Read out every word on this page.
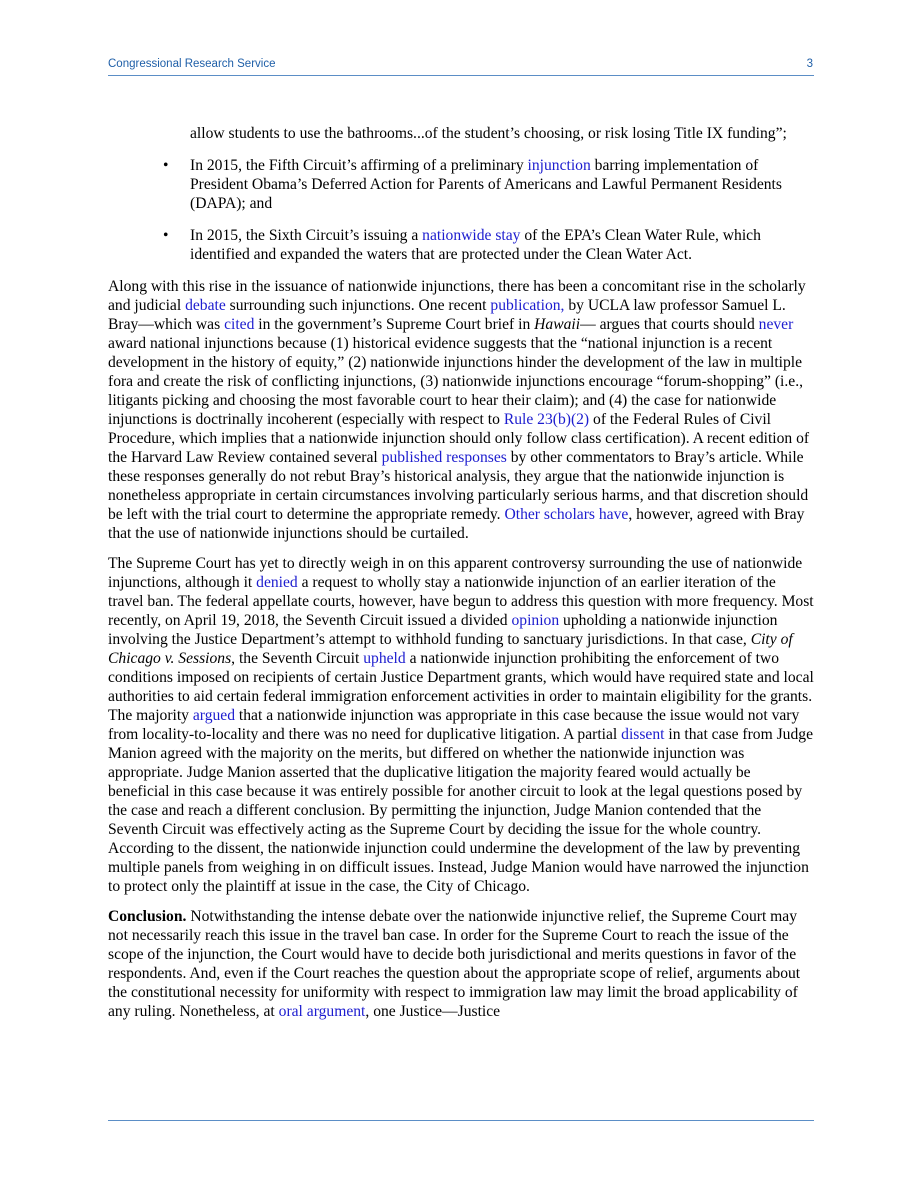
Congressional Research Service	3
allow students to use the bathrooms...of the student’s choosing, or risk losing Title IX funding”;
• In 2015, the Fifth Circuit’s affirming of a preliminary injunction barring implementation of President Obama’s Deferred Action for Parents of Americans and Lawful Permanent Residents (DAPA); and
• In 2015, the Sixth Circuit’s issuing a nationwide stay of the EPA’s Clean Water Rule, which identified and expanded the waters that are protected under the Clean Water Act.

Along with this rise in the issuance of nationwide injunctions, there has been a concomitant rise in the scholarly and judicial debate surrounding such injunctions. One recent publication, by UCLA law professor Samuel L. Bray—which was cited in the government’s Supreme Court brief in Hawaii— argues that courts should never award national injunctions because (1) historical evidence suggests that the “national injunction is a recent development in the history of equity,” (2) nationwide injunctions hinder the development of the law in multiple fora and create the risk of conflicting injunctions, (3) nationwide injunctions encourage “forum-shopping” (i.e., litigants picking and choosing the most favorable court to hear their claim); and (4) the case for nationwide injunctions is doctrinally incoherent (especially with respect to Rule 23(b)(2) of the Federal Rules of Civil Procedure, which implies that a nationwide injunction should only follow class certification). A recent edition of the Harvard Law Review contained several published responses by other commentators to Bray’s article. While these responses generally do not rebut Bray’s historical analysis, they argue that the nationwide injunction is nonetheless appropriate in certain circumstances involving particularly serious harms, and that discretion should be left with the trial court to determine the appropriate remedy. Other scholars have, however, agreed with Bray that the use of nationwide injunctions should be curtailed.

The Supreme Court has yet to directly weigh in on this apparent controversy surrounding the use of nationwide injunctions, although it denied a request to wholly stay a nationwide injunction of an earlier iteration of the travel ban. The federal appellate courts, however, have begun to address this question with more frequency. Most recently, on April 19, 2018, the Seventh Circuit issued a divided opinion upholding a nationwide injunction involving the Justice Department’s attempt to withhold funding to sanctuary jurisdictions. In that case, City of Chicago v. Sessions, the Seventh Circuit upheld a nationwide injunction prohibiting the enforcement of two conditions imposed on recipients of certain Justice Department grants, which would have required state and local authorities to aid certain federal immigration enforcement activities in order to maintain eligibility for the grants. The majority argued that a nationwide injunction was appropriate in this case because the issue would not vary from locality-to-locality and there was no need for duplicative litigation. A partial dissent in that case from Judge Manion agreed with the majority on the merits, but differed on whether the nationwide injunction was appropriate. Judge Manion asserted that the duplicative litigation the majority feared would actually be beneficial in this case because it was entirely possible for another circuit to look at the legal questions posed by the case and reach a different conclusion. By permitting the injunction, Judge Manion contended that the Seventh Circuit was effectively acting as the Supreme Court by deciding the issue for the whole country. According to the dissent, the nationwide injunction could undermine the development of the law by preventing multiple panels from weighing in on difficult issues. Instead, Judge Manion would have narrowed the injunction to protect only the plaintiff at issue in the case, the City of Chicago.

Conclusion. Notwithstanding the intense debate over the nationwide injunctive relief, the Supreme Court may not necessarily reach this issue in the travel ban case. In order for the Supreme Court to reach the issue of the scope of the injunction, the Court would have to decide both jurisdictional and merits questions in favor of the respondents. And, even if the Court reaches the question about the appropriate scope of relief, arguments about the constitutional necessity for uniformity with respect to immigration law may limit the broad applicability of any ruling. Nonetheless, at oral argument, one Justice—Justice
